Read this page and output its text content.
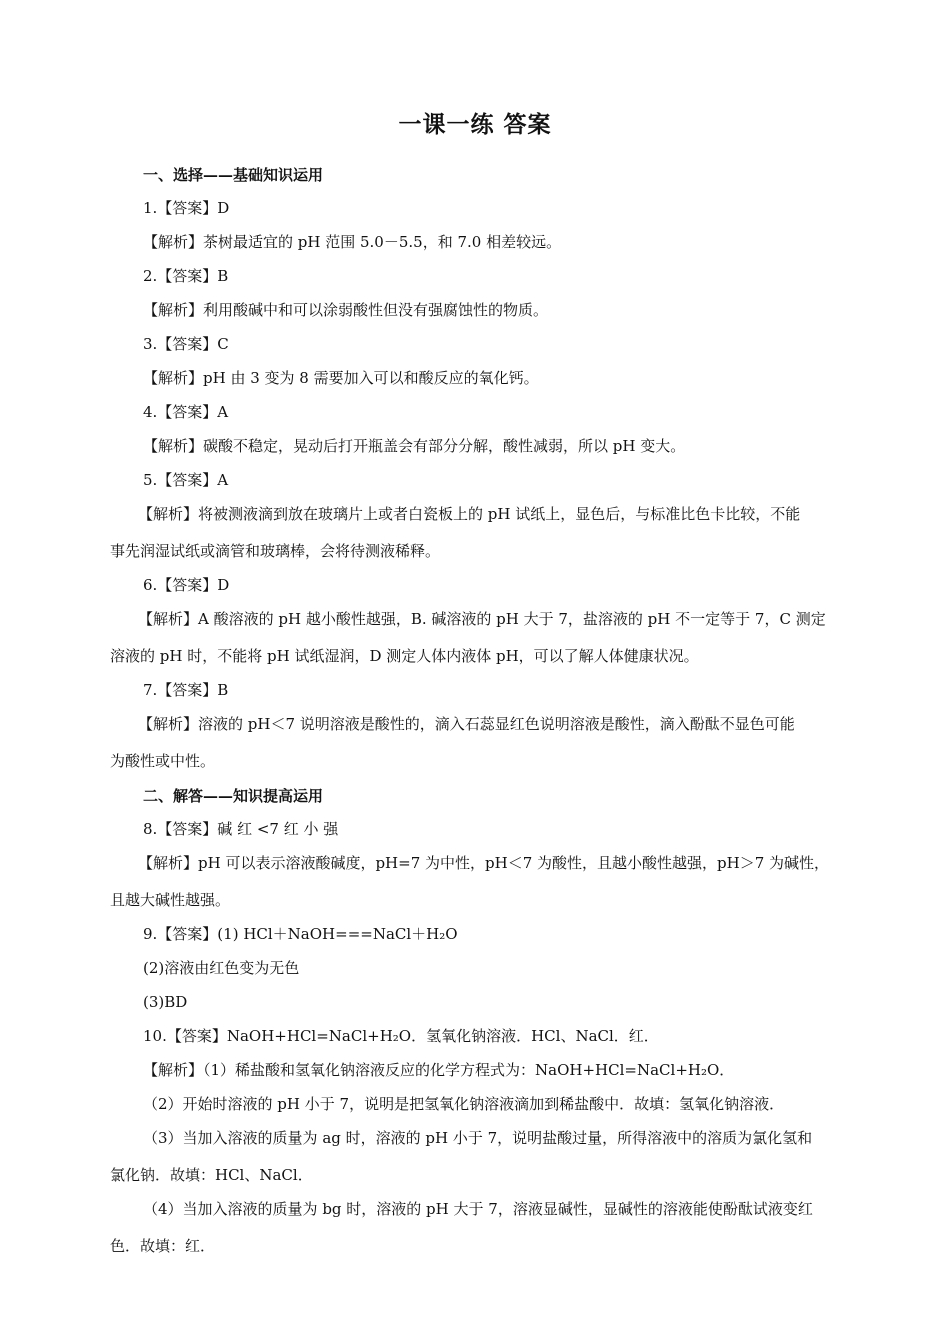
一课一练 答案
一、选择——基础知识运用
1.【答案】D
【解析】茶树最适宜的 pH 范围 5.0－5.5，和 7.0 相差较远。
2.【答案】B
【解析】利用酸碱中和可以涂弱酸性但没有强腐蚀性的物质。
3.【答案】C
【解析】pH 由 3 变为 8 需要加入可以和酸反应的氧化钙。
4.【答案】A
【解析】碳酸不稳定，晃动后打开瓶盖会有部分分解，酸性减弱，所以 pH 变大。
5.【答案】A
【解析】将被测液滴到放在玻璃片上或者白瓷板上的 pH 试纸上，显色后，与标准比色卡比较，不能
事先润湿试纸或滴管和玻璃棒，会将待测液稀释。
6.【答案】D
【解析】A 酸溶液的 pH 越小酸性越强，B. 碱溶液的 pH 大于 7，盐溶液的 pH 不一定等于 7，C 测定
溶液的 pH 时，不能将 pH 试纸湿润，D 测定人体内液体 pH，可以了解人体健康状况。
7.【答案】B
【解析】溶液的 pH＜7 说明溶液是酸性的，滴入石蕊显红色说明溶液是酸性，滴入酚酞不显色可能
为酸性或中性。
二、解答——知识提高运用
8.【答案】碱 红 <7 红 小 强
【解析】pH 可以表示溶液酸碱度，pH=7 为中性，pH＜7 为酸性，且越小酸性越强，pH＞7 为碱性，
且越大碱性越强。
9.【答案】(1) HCl＋NaOH===NaCl＋H₂O
(2)溶液由红色变为无色
(3)BD
10.【答案】NaOH+HCl=NaCl+H₂O．氢氧化钠溶液．HCl、NaCl．红．
【解析】（1）稀盐酸和氢氧化钠溶液反应的化学方程式为：NaOH+HCl=NaCl+H₂O．
（2）开始时溶液的 pH 小于 7，说明是把氢氧化钠溶液滴加到稀盐酸中．故填：氢氧化钠溶液．
（3）当加入溶液的质量为 ag 时，溶液的 pH 小于 7，说明盐酸过量，所得溶液中的溶质为氯化氢和
氯化钠．故填：HCl、NaCl．
（4）当加入溶液的质量为 bg 时，溶液的 pH 大于 7，溶液显碱性，显碱性的溶液能使酚酞试液变红
色．故填：红．
